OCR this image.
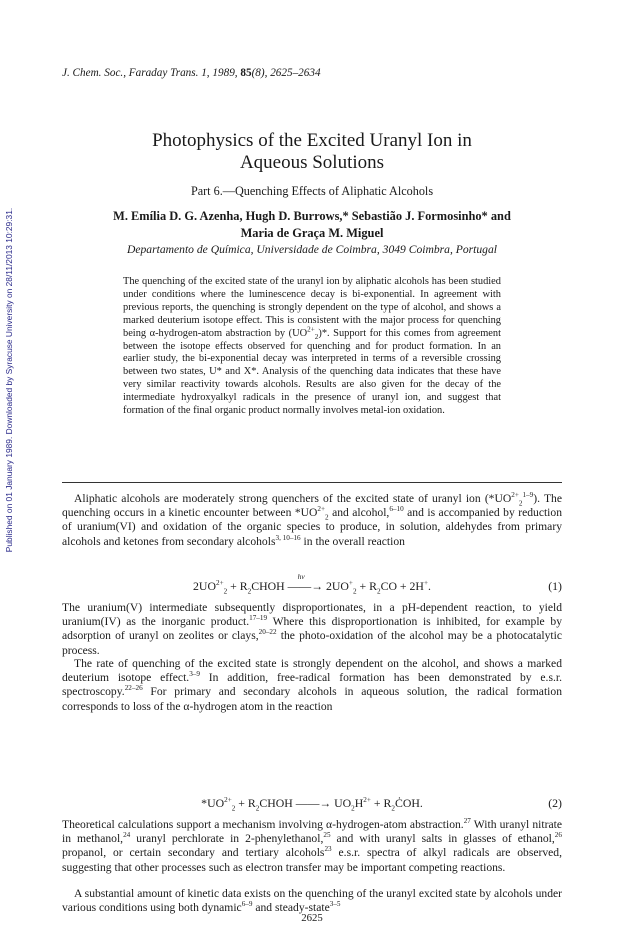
Published on 01 January 1989. Downloaded by Syracuse University on 28/11/2013 10:29:31.
J. Chem. Soc., Faraday Trans. 1, 1989, 85(8), 2625–2634
Photophysics of the Excited Uranyl Ion in
Aqueous Solutions
Part 6.—Quenching Effects of Aliphatic Alcohols
M. Emília D. G. Azenha, Hugh D. Burrows,* Sebastião J. Formosinho* and
Maria de Graça M. Miguel
Departamento de Química, Universidade de Coimbra, 3049 Coimbra, Portugal

The quenching of the excited state of the uranyl ion by aliphatic alcohols has been studied under conditions where the luminescence decay is bi-exponential. In agreement with previous reports, the quenching is strongly dependent on the type of alcohol, and shows a marked deuterium isotope effect. This is consistent with the major process for quenching being α-hydrogen-atom abstraction by $(UO^{2+}_2)*$. Support for this comes from agreement between the isotope effects observed for quenching and for product formation. In an earlier study, the bi-exponential decay was interpreted in terms of a reversible crossing between two states, U* and X*. Analysis of the quenching data indicates that these have very similar reactivity towards alcohols. Results are also given for the decay of the intermediate hydroxyalkyl radicals in the presence of uranyl ion, and suggest that formation of the final organic product normally involves metal-ion oxidation.

Aliphatic alcohols are moderately strong quenchers of the excited state of uranyl ion $(*UO^{2+}_2^{1-9})$. The quenching occurs in a kinetic encounter between $*UO^{2+}_2$ and alcohol,$^{6-10}$ and is accompanied by reduction of uranium(VI) and oxidation of the organic species to produce, in solution, aldehydes from primary alcohols and ketones from secondary alcohols$^{3, 10-16}$ in the overall reaction

$2UO^{2+}_2$ + $R_2CHOH$
hν
——→ $2UO^+_2 + R_2CO + 2H^+$.	(1)

The uranium(V) intermediate subsequently disproportionates, in a pH-dependent reaction, to yield uranium(IV) as the inorganic product.$^{17-19}$ Where this disproportionation is inhibited, for example by adsorption of uranyl on zeolites or clays,$^{20-22}$ the photo-oxidation of the alcohol may be a photocatalytic process.

The rate of quenching of the excited state is strongly dependent on the alcohol, and shows a marked deuterium isotope effect.$^{3-9}$ In addition, free-radical formation has been demonstrated by e.s.r. spectroscopy.$^{22-26}$ For primary and secondary alcohols in aqueous solution, the radical formation corresponds to loss of the α-hydrogen atom in the reaction

$*UO^{2+}_2$ + $R_2CHOH$ ——→ $UO_2H^{2+}$ + $R_2ĊOH$.	(2)

Theoretical calculations support a mechanism involving α-hydrogen-atom abstraction.$^{27}$ With uranyl nitrate in methanol,$^{24}$ uranyl perchlorate in 2-phenylethanol,$^{25}$ and with uranyl salts in glasses of ethanol,$^{26}$ propanol, or certain secondary and tertiary alcohols$^{23}$ e.s.r. spectra of alkyl radicals are observed, suggesting that other processes such as electron transfer may be important competing reactions.

A substantial amount of kinetic data exists on the quenching of the uranyl excited state by alcohols under various conditions using both dynamic$^{6-9}$ and steady-state$^{3-5}$

2625
